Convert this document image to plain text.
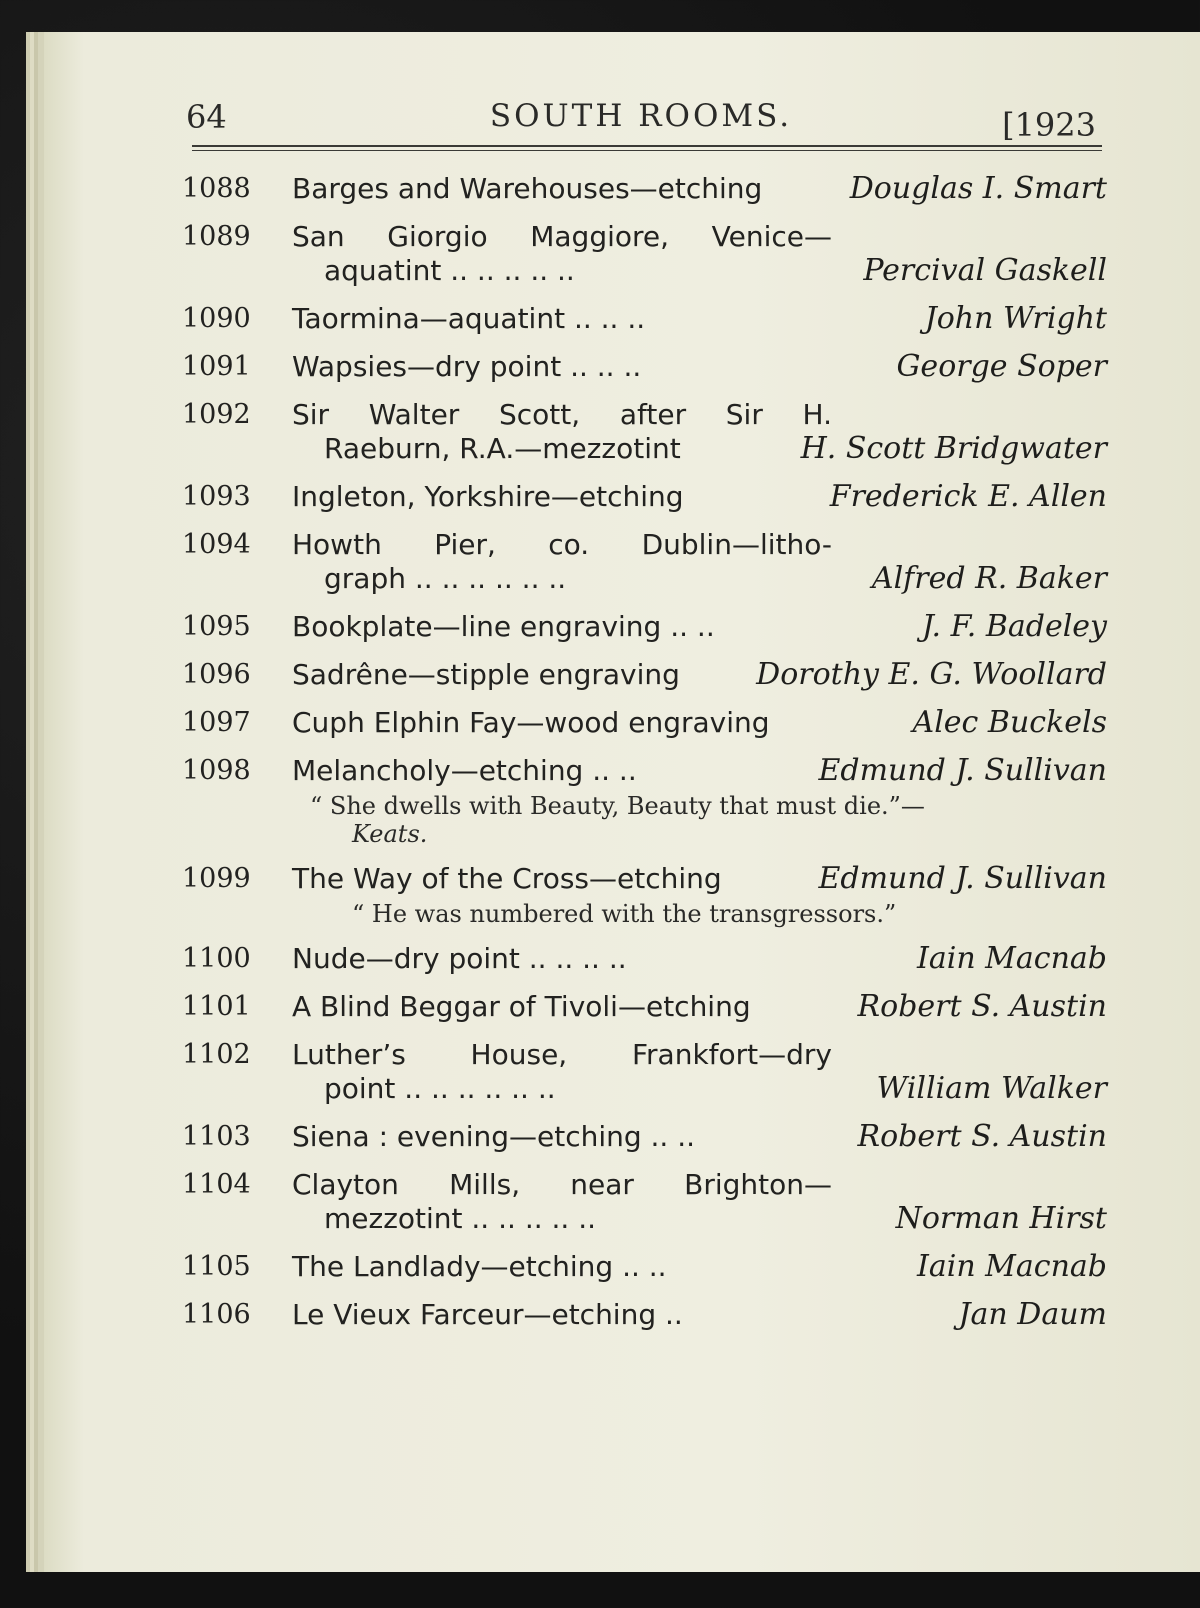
64	SOUTH ROOMS.	[1923
1088	Barges and Warehouses—etching	Douglas I. Smart
1089	San Giorgio Maggiore, Venice—
aquatint .. .. .. .. ..	Percival Gaskell
1090	Taormina—aquatint .. .. ..	John Wright
1091	Wapsies—dry point .. .. ..	George Soper
1092	Sir Walter Scott, after Sir H.
Raeburn, R.A.—mezzotint	H. Scott Bridgwater
1093	Ingleton, Yorkshire—etching	Frederick E. Allen
1094	Howth Pier, co. Dublin—litho-
graph .. .. .. .. .. ..	Alfred R. Baker
1095	Bookplate—line engraving .. ..	J. F. Badeley
1096	Sadrêne—stipple engraving	Dorothy E. G. Woollard
1097	Cuph Elphin Fay—wood engraving	Alec Buckels
1098	Melancholy—etching .. ..	Edmund J. Sullivan
“ She dwells with Beauty, Beauty that must die.”—
Keats.
1099	The Way of the Cross—etching	Edmund J. Sullivan
“ He was numbered with the transgressors.”
1100	Nude—dry point .. .. .. ..	Iain Macnab
1101	A Blind Beggar of Tivoli—etching	Robert S. Austin
1102	Luther’s House, Frankfort—dry
point .. .. .. .. .. ..	William Walker
1103	Siena : evening—etching .. ..	Robert S. Austin
1104	Clayton Mills, near Brighton—
mezzotint .. .. .. .. ..	Norman Hirst
1105	The Landlady—etching .. ..	Iain Macnab
1106	Le Vieux Farceur—etching ..	Jan Daum
